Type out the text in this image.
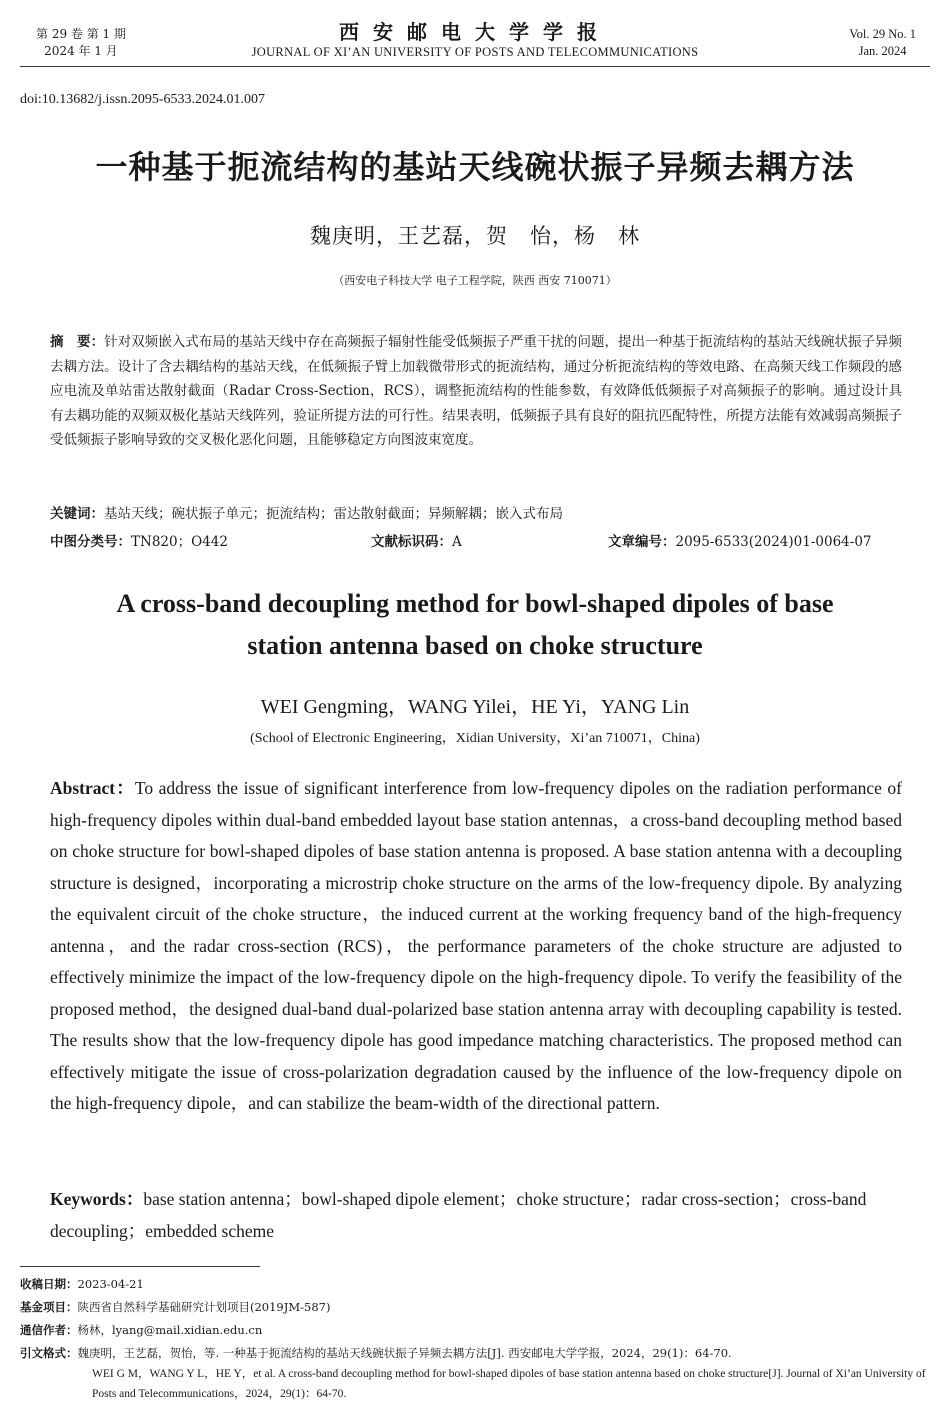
第 29 卷 第 1 期
2024 年 1 月
西安邮电大学学报
JOURNAL OF XI’AN UNIVERSITY OF POSTS AND TELECOMMUNICATIONS
Vol. 29 No. 1
Jan. 2024
doi:10.13682/j.issn.2095-6533.2024.01.007
一种基于扼流结构的基站天线碗状振子异频去耦方法
魏庚明，王艺磊，贺　怡，杨　林
（西安电子科技大学 电子工程学院，陕西 西安 710071）
摘　要：针对双频嵌入式布局的基站天线中存在高频振子辐射性能受低频振子严重干扰的问题，提出一种基于扼流结构的基站天线碗状振子异频去耦方法。设计了含去耦结构的基站天线，在低频振子臂上加载微带形式的扼流结构，通过分析扼流结构的等效电路、在高频天线工作频段的感应电流及单站雷达散射截面（Radar Cross-Section，RCS），调整扼流结构的性能参数，有效降低低频振子对高频振子的影响。通过设计具有去耦功能的双频双极化基站天线阵列，验证所提方法的可行性。结果表明，低频振子具有良好的阻抗匹配特性，所提方法能有效减弱高频振子受低频振子影响导致的交叉极化恶化问题，且能够稳定方向图波束宽度。
关键词：基站天线；碗状振子单元；扼流结构；雷达散射截面；异频解耦；嵌入式布局
中图分类号：TN820；O442	文献标识码：A	文章编号：2095-6533(2024)01-0064-07
A cross-band decoupling method for bowl-shaped dipoles of base
station antenna based on choke structure
WEI Gengming，WANG Yilei，HE Yi，YANG Lin
(School of Electronic Engineering，Xidian University，Xi’an 710071，China)
Abstract：To address the issue of significant interference from low-frequency dipoles on the radiation performance of high-frequency dipoles within dual-band embedded layout base station antennas，a cross-band decoupling method based on choke structure for bowl-shaped dipoles of base station antenna is proposed. A base station antenna with a decoupling structure is designed，incorporating a microstrip choke structure on the arms of the low-frequency dipole. By analyzing the equivalent circuit of the choke structure，the induced current at the working frequency band of the high-frequency antenna，and the radar cross-section (RCS)，the performance parameters of the choke structure are adjusted to effectively minimize the impact of the low-frequency dipole on the high-frequency dipole. To verify the feasibility of the proposed method，the designed dual-band dual-polarized base station antenna array with decoupling capability is tested. The results show that the low-frequency dipole has good impedance matching characteristics. The proposed method can effectively mitigate the issue of cross-polarization degradation caused by the influence of the low-frequency dipole on the high-frequency dipole，and can stabilize the beam-width of the directional pattern.
Keywords：base station antenna；bowl-shaped dipole element；choke structure；radar cross-section；cross-band decoupling；embedded scheme
收稿日期：2023-04-21
基金项目：陕西省自然科学基础研究计划项目(2019JM-587)
通信作者：杨林，lyang@mail.xidian.edu.cn
引文格式：魏庚明，王艺磊，贺怡，等. 一种基于扼流结构的基站天线碗状振子异频去耦方法[J]. 西安邮电大学学报，2024，29(1)：64-70.
WEI G M，WANG Y L，HE Y，et al. A cross-band decoupling method for bowl-shaped dipoles of base station antenna based on choke structure[J]. Journal of Xi’an University of Posts and Telecommunications，2024，29(1)：64-70.
